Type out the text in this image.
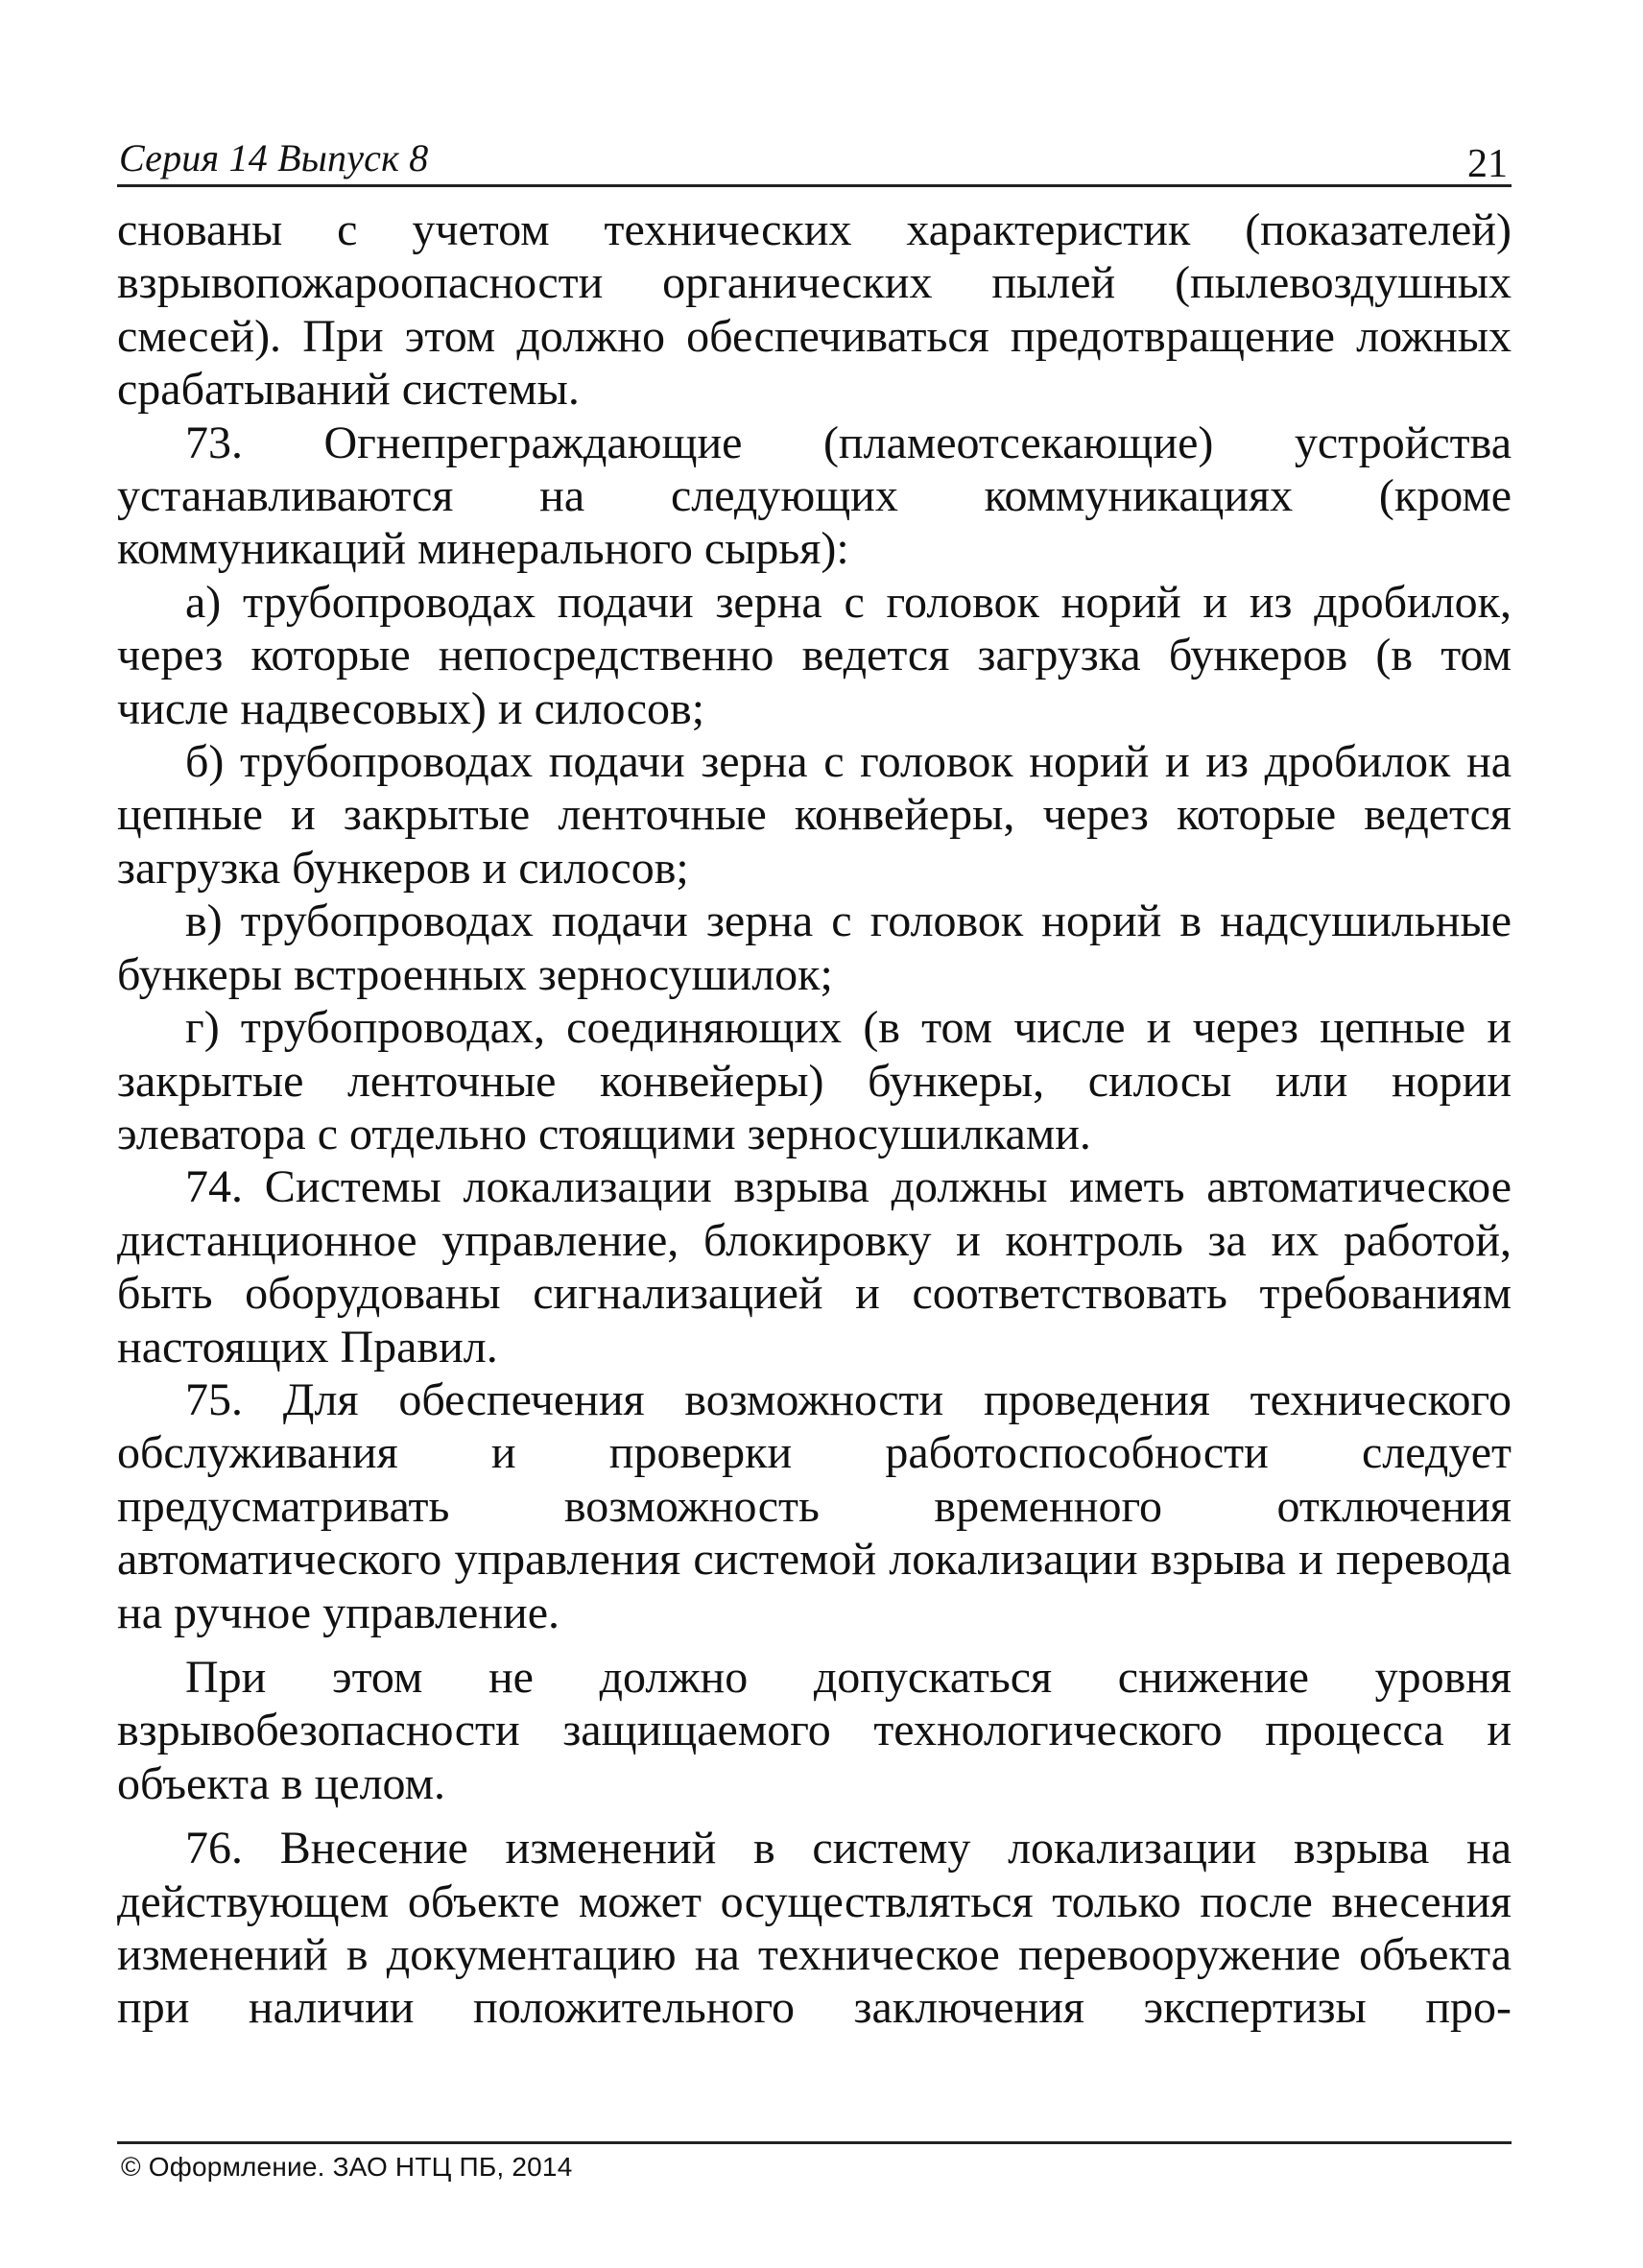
Серия 14 Выпуск 8	21

снованы с учетом технических характеристик (показателей) взрывопожароопасности органических пылей (пылевоздушных смесей). При этом должно обеспечиваться предотвращение ложных срабатываний системы.

73. Огнепреграждающие (пламеотсекающие) устройства устанавливаются на следующих коммуникациях (кроме коммуникаций минерального сырья):

а) трубопроводах подачи зерна с головок норий и из дробилок, через которые непосредственно ведется загрузка бункеров (в том числе надвесовых) и силосов;

б) трубопроводах подачи зерна с головок норий и из дробилок на цепные и закрытые ленточные конвейеры, через которые ведется загрузка бункеров и силосов;

в) трубопроводах подачи зерна с головок норий в надсушильные бункеры встроенных зерносушилок;

г) трубопроводах, соединяющих (в том числе и через цепные и закрытые ленточные конвейеры) бункеры, силосы или нории элеватора с отдельно стоящими зерносушилками.

74. Системы локализации взрыва должны иметь автоматическое дистанционное управление, блокировку и контроль за их работой, быть оборудованы сигнализацией и соответствовать требованиям настоящих Правил.

75. Для обеспечения возможности проведения технического обслуживания и проверки работоспособности следует предусматривать возможность временного отключения автоматического управления системой локализации взрыва и перевода на ручное управление.

При этом не должно допускаться снижение уровня взрывобезопасности защищаемого технологического процесса и объекта в целом.

76. Внесение изменений в систему локализации взрыва на действующем объекте может осуществляться только после внесения изменений в документацию на техническое перевооружение объекта при наличии положительного заключения экспертизы про-

© Оформление. ЗАО НТЦ ПБ, 2014
